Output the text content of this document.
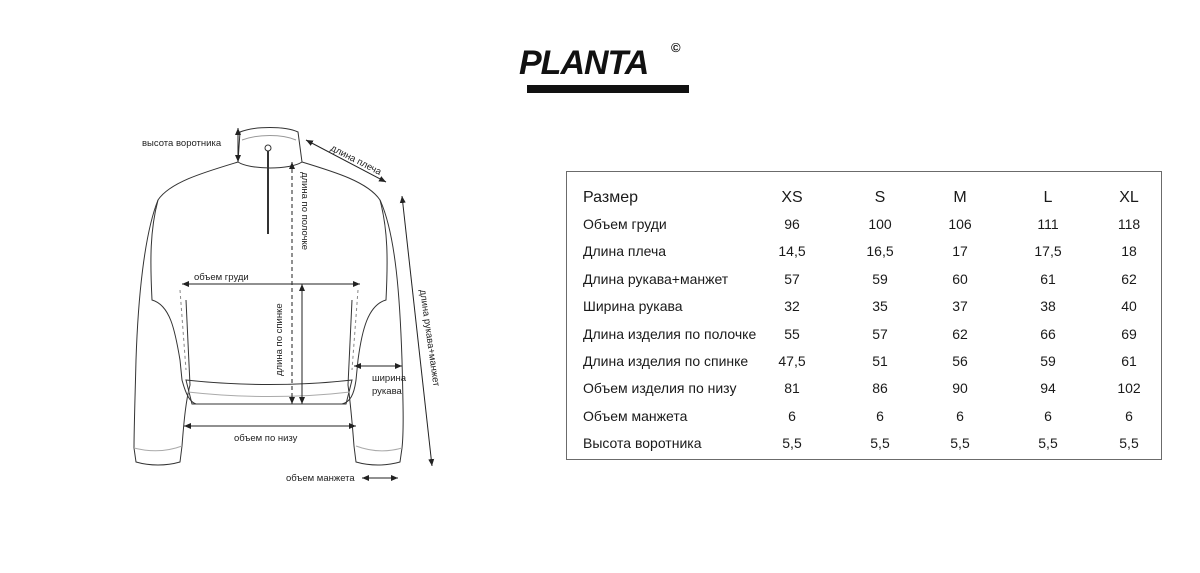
PLANTA ©
высота воротника	длина плеча
длина по полочке
длина по спинке
объем груди
длина рукава+манжет
ширина
рукава
объем по низу
объем манжета
Размер	XS	S	M	L	XL
Объем груди	96	100	106	111	118
Длина плеча	14,5	16,5	17	17,5	18
Длина рукава+манжет	57	59	60	61	62
Ширина рукава	32	35	37	38	40
Длина изделия по полочке	55	57	62	66	69
Длина изделия по спинке	47,5	51	56	59	61
Объем изделия по низу	81	86	90	94	102
Объем манжета	6	6	6	6	6
Высота воротника	5,5	5,5	5,5	5,5	5,5
